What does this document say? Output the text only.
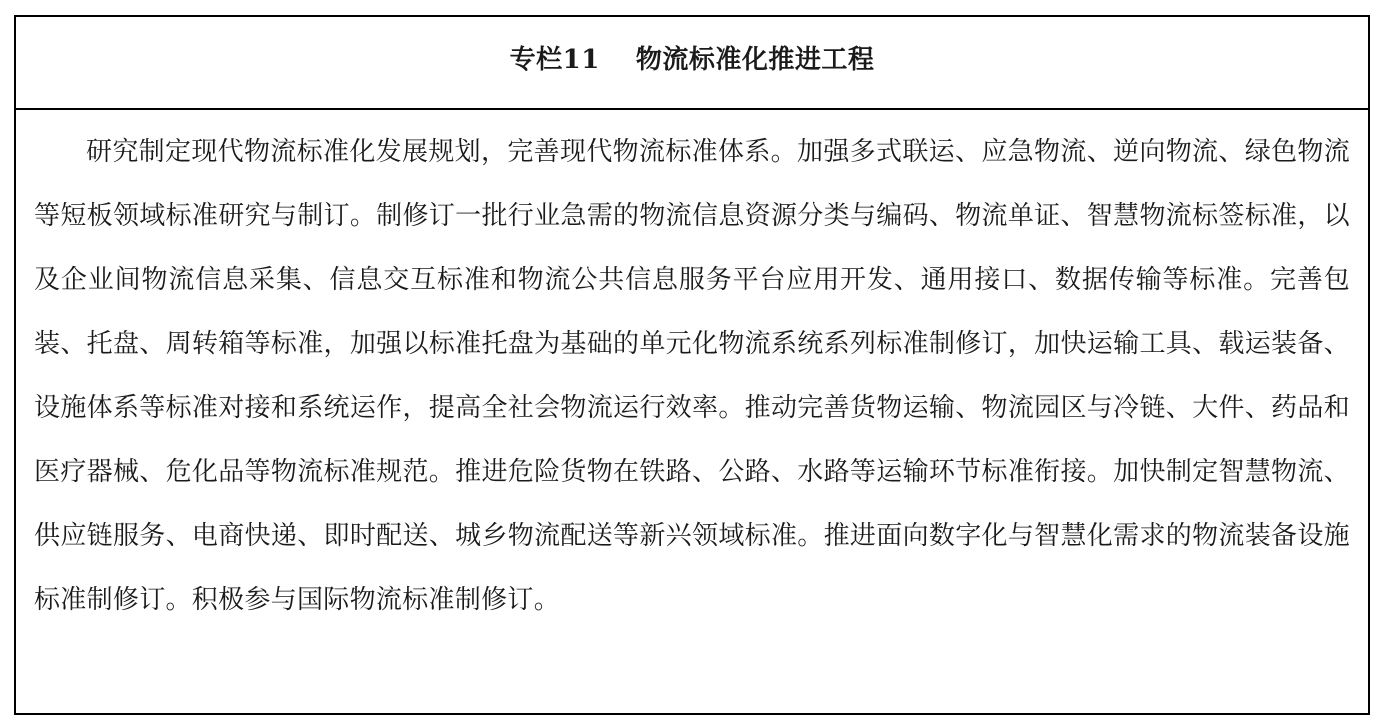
专栏11 物流标准化推进工程

研究制定现代物流标准化发展规划，完善现代物流标准体系。加强多式联运、应急物流、逆向物流、绿色物流等短板领域标准研究与制订。制修订一批行业急需的物流信息资源分类与编码、物流单证、智慧物流标签标准，以及企业间物流信息采集、信息交互标准和物流公共信息服务平台应用开发、通用接口、数据传输等标准。完善包装、托盘、周转箱等标准，加强以标准托盘为基础的单元化物流系统系列标准制修订，加快运输工具、载运装备、设施体系等标准对接和系统运作，提高全社会物流运行效率。推动完善货物运输、物流园区与冷链、大件、药品和医疗器械、危化品等物流标准规范。推进危险货物在铁路、公路、水路等运输环节标准衔接。加快制定智慧物流、供应链服务、电商快递、即时配送、城乡物流配送等新兴领域标准。推进面向数字化与智慧化需求的物流装备设施标准制修订。积极参与国际物流标准制修订。
